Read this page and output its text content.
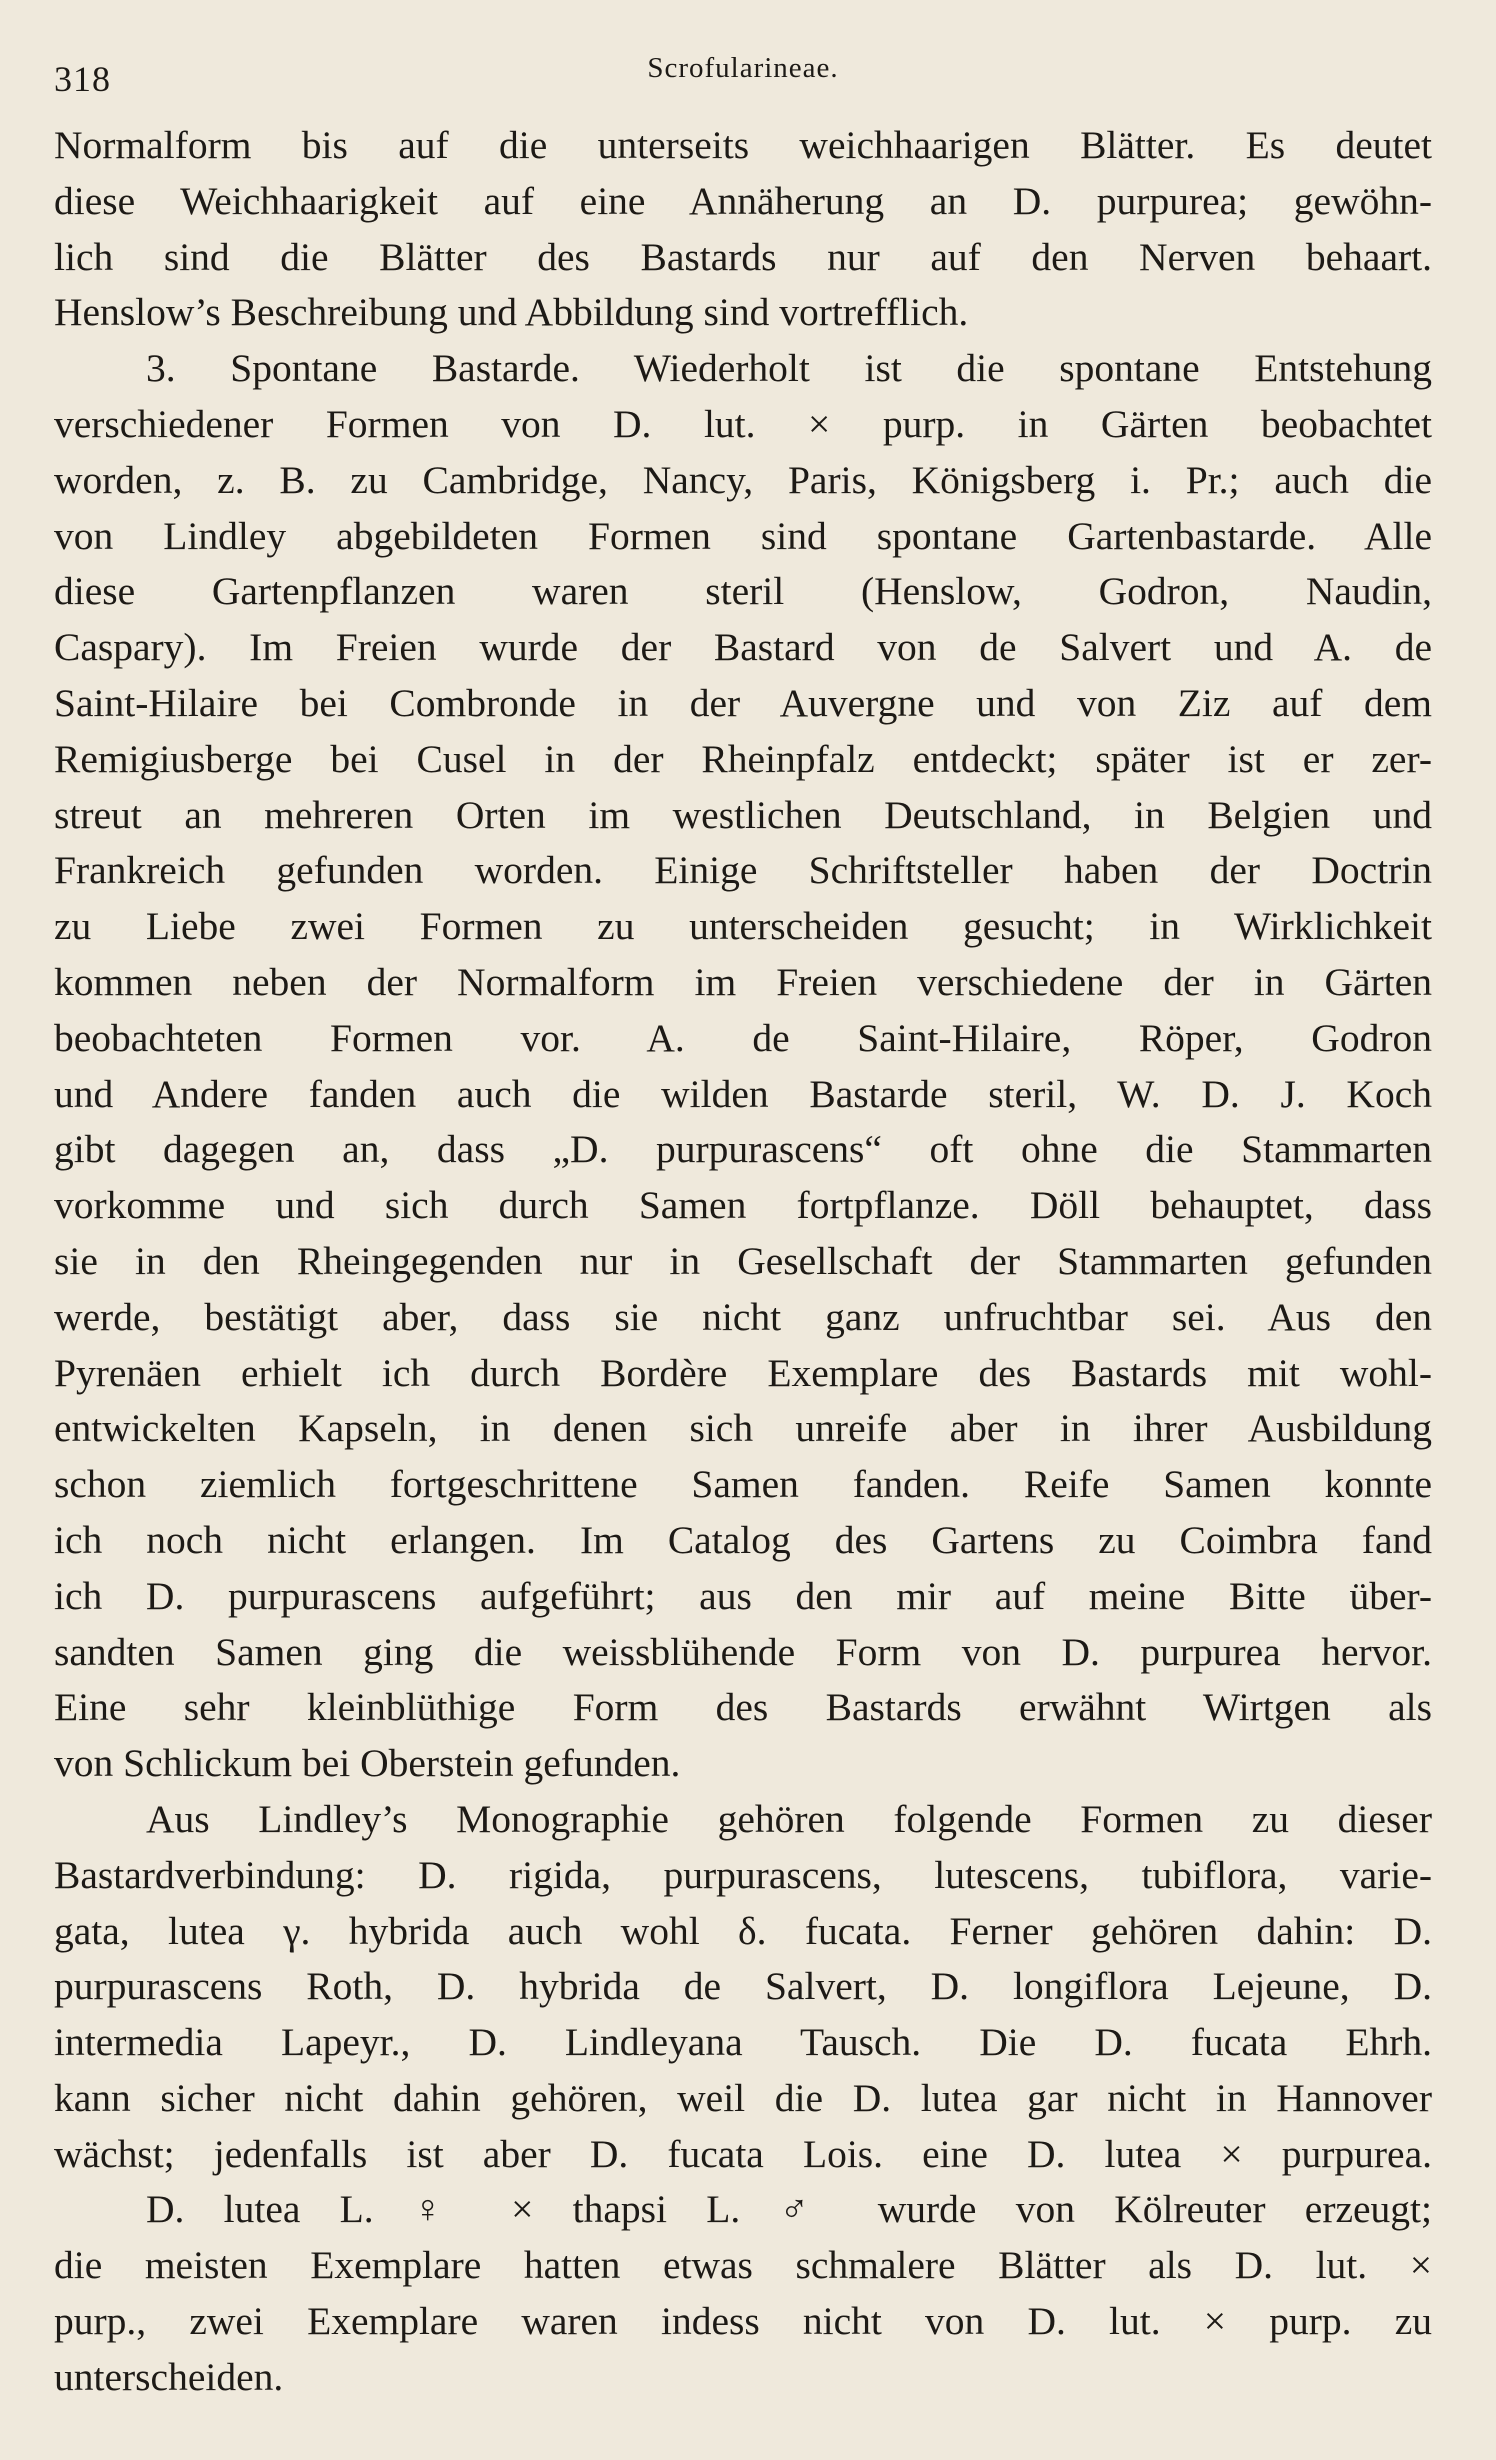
318	Scrofularineae.
Normalform bis auf die unterseits weichhaarigen Blätter. Es deutet
diese Weichhaarigkeit auf eine Annäherung an D. purpurea; gewöhn-
lich sind die Blätter des Bastards nur auf den Nerven behaart.
Henslow’s Beschreibung und Abbildung sind vortrefflich.
3. Spontane Bastarde. Wiederholt ist die spontane Entstehung
verschiedener Formen von D. lut. × purp. in Gärten beobachtet
worden, z. B. zu Cambridge, Nancy, Paris, Königsberg i. Pr.; auch die
von Lindley abgebildeten Formen sind spontane Gartenbastarde. Alle
diese Gartenpflanzen waren steril (Henslow, Godron, Naudin,
Caspary). Im Freien wurde der Bastard von de Salvert und A. de
Saint-Hilaire bei Combronde in der Auvergne und von Ziz auf dem
Remigiusberge bei Cusel in der Rheinpfalz entdeckt; später ist er zer-
streut an mehreren Orten im westlichen Deutschland, in Belgien und
Frankreich gefunden worden. Einige Schriftsteller haben der Doctrin
zu Liebe zwei Formen zu unterscheiden gesucht; in Wirklichkeit
kommen neben der Normalform im Freien verschiedene der in Gärten
beobachteten Formen vor. A. de Saint-Hilaire, Röper, Godron
und Andere fanden auch die wilden Bastarde steril, W. D. J. Koch
gibt dagegen an, dass „D. purpurascens“ oft ohne die Stammarten
vorkomme und sich durch Samen fortpflanze. Döll behauptet, dass
sie in den Rheingegenden nur in Gesellschaft der Stammarten gefunden
werde, bestätigt aber, dass sie nicht ganz unfruchtbar sei. Aus den
Pyrenäen erhielt ich durch Bordère Exemplare des Bastards mit wohl-
entwickelten Kapseln, in denen sich unreife aber in ihrer Ausbildung
schon ziemlich fortgeschrittene Samen fanden. Reife Samen konnte
ich noch nicht erlangen. Im Catalog des Gartens zu Coimbra fand
ich D. purpurascens aufgeführt; aus den mir auf meine Bitte über-
sandten Samen ging die weissblühende Form von D. purpurea hervor.
Eine sehr kleinblüthige Form des Bastards erwähnt Wirtgen als
von Schlickum bei Oberstein gefunden.
Aus Lindley’s Monographie gehören folgende Formen zu dieser
Bastardverbindung: D. rigida, purpurascens, lutescens, tubiflora, varie-
gata, lutea γ. hybrida auch wohl δ. fucata. Ferner gehören dahin: D.
purpurascens Roth, D. hybrida de Salvert, D. longiflora Lejeune, D.
intermedia Lapeyr., D. Lindleyana Tausch. Die D. fucata Ehrh.
kann sicher nicht dahin gehören, weil die D. lutea gar nicht in Hannover
wächst; jedenfalls ist aber D. fucata Lois. eine D. lutea × purpurea.
D. lutea L. ♀ × thapsi L. ♂ wurde von Kölreuter erzeugt;
die meisten Exemplare hatten etwas schmalere Blätter als D. lut. ×
purp., zwei Exemplare waren indess nicht von D. lut. × purp. zu
unterscheiden.
